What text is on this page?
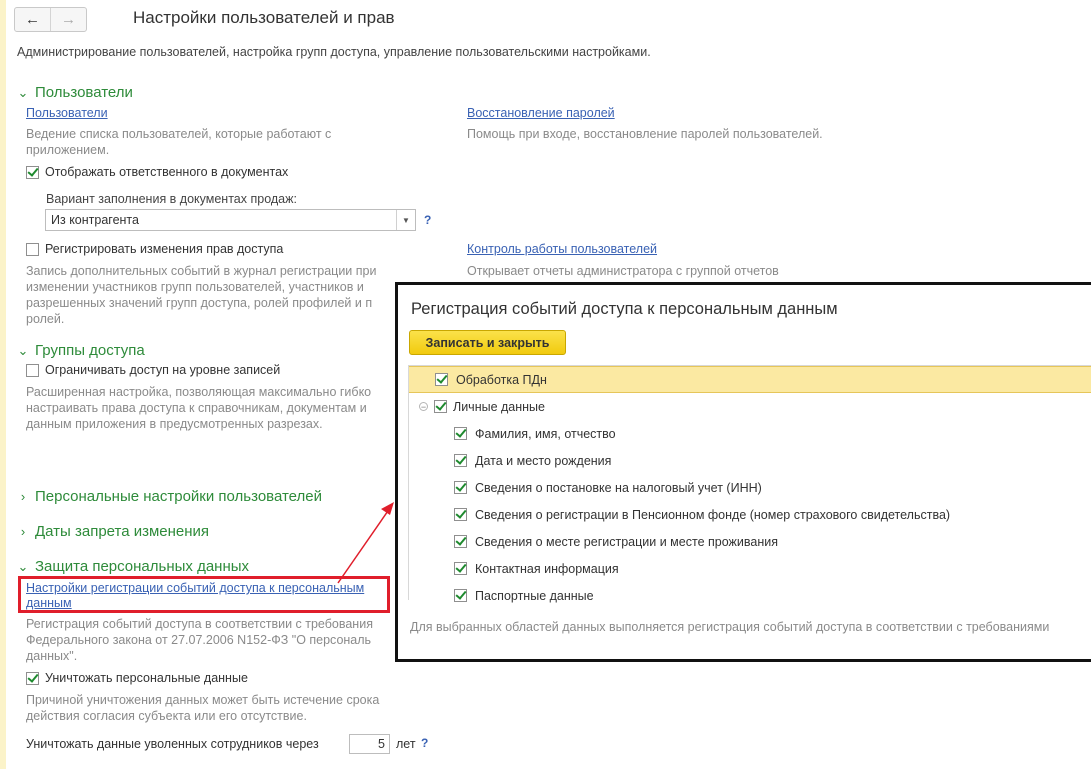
←	→	Настройки пользователей и прав
Администрирование пользователей, настройка групп доступа, управление пользовательскими настройками.
⌄ Пользователи
Пользователи
Ведение списка пользователей, которые работают с приложением.
Восстановление паролей
Помощь при входе, восстановление паролей пользователей.
Отображать ответственного в документах
Вариант заполнения в документах продаж:
Из контрагента	▼	?
Регистрировать изменения прав доступа
Запись дополнительных событий в журнал регистрации при изменении участников групп пользователей, участников и разрешенных значений групп доступа, ролей профилей и п ролей.
Контроль работы пользователей
Открывает отчеты администратора с группой отчетов
⌄ Группы доступа
Ограничивать доступ на уровне записей
Расширенная настройка, позволяющая максимально гибко настраивать права доступа к справочникам, документам и данным приложения в предусмотренных разрезах.
› Персональные настройки пользователей
› Даты запрета изменения
⌄ Защита персональных данных
Настройки регистрации событий доступа к персональным данным
Регистрация событий доступа в соответствии с требования Федерального закона от 27.07.2006 N152-ФЗ "О персональ данных".
Уничтожать персональные данные
Причиной уничтожения данных может быть истечение срока действия согласия субъекта или его отсутствие.
Уничтожать данные уволенных сотрудников через	5 лет ?
Регистрация событий доступа к персональным данным
Записать и закрыть
Обработка ПДн
− Личные данные
Фамилия, имя, отчество
Дата и место рождения
Сведения о постановке на налоговый учет (ИНН)
Сведения о регистрации в Пенсионном фонде (номер страхового свидетельства)
Сведения о месте регистрации и месте проживания
Контактная информация
Паспортные данные
Для выбранных областей данных выполняется регистрация событий доступа в соответствии с требованиями
